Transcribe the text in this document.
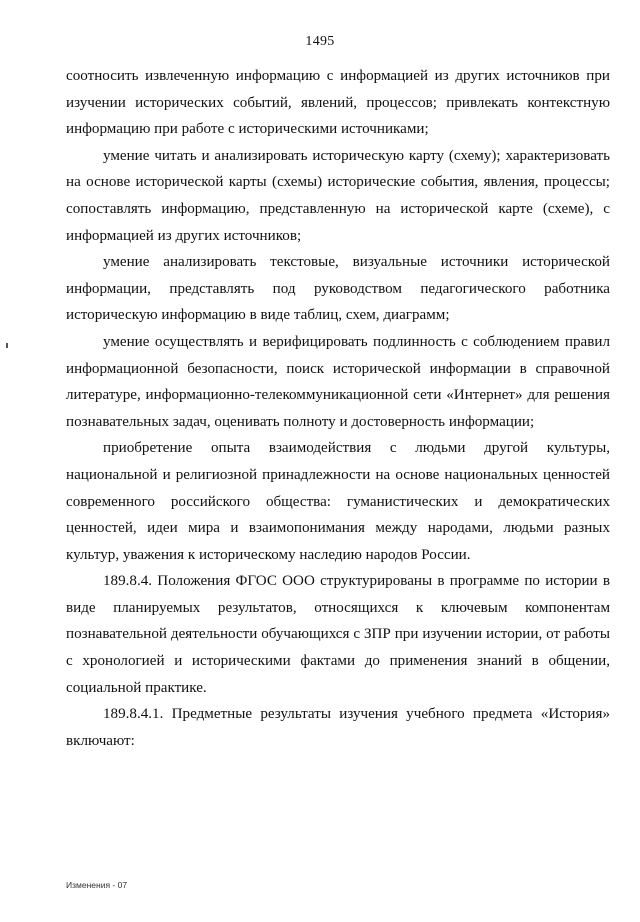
1495

соотносить извлеченную информацию с информацией из других источников при изучении исторических событий, явлений, процессов; привлекать контекстную информацию при работе с историческими источниками;

умение читать и анализировать историческую карту (схему); характеризовать на основе исторической карты (схемы) исторические события, явления, процессы; сопоставлять информацию, представленную на исторической карте (схеме), с информацией из других источников;

умение анализировать текстовые, визуальные источники исторической информации, представлять под руководством педагогического работника историческую информацию в виде таблиц, схем, диаграмм;

умение осуществлять и верифицировать подлинность с соблюдением правил информационной безопасности, поиск исторической информации в справочной литературе, информационно-телекоммуникационной сети «Интернет» для решения познавательных задач, оценивать полноту и достоверность информации;

приобретение опыта взаимодействия с людьми другой культуры, национальной и религиозной принадлежности на основе национальных ценностей современного российского общества: гуманистических и демократических ценностей, идеи мира и взаимопонимания между народами, людьми разных культур, уважения к историческому наследию народов России.

189.8.4. Положения ФГОС ООО структурированы в программе по истории в виде планируемых результатов, относящихся к ключевым компонентам познавательной деятельности обучающихся с ЗПР при изучении истории, от работы с хронологией и историческими фактами до применения знаний в общении, социальной практике.

189.8.4.1. Предметные результаты изучения учебного предмета «История» включают:

Изменения - 07
